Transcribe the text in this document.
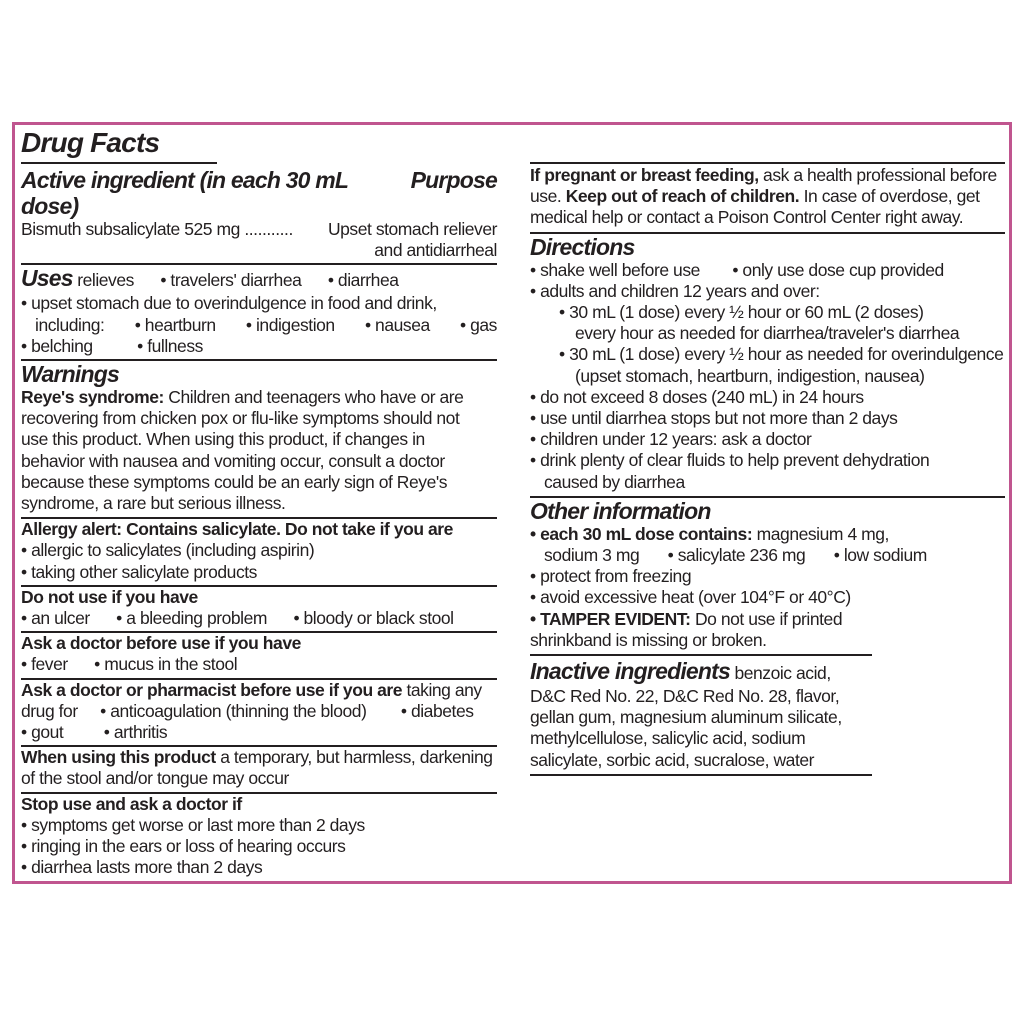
Drug Facts
Active ingredient (in each 30 mL dose)
Purpose
Bismuth subsalicylate 525 mg ........... Upset stomach reliever
and antidiarrheal
Uses relieves • travelers' diarrhea • diarrhea
• upset stomach due to overindulgence in food and drink,
including: • heartburn • indigestion • nausea • gas
• belching	• fullness
Warnings
Reye's syndrome: Children and teenagers who have or are
recovering from chicken pox or flu-like symptoms should not
use this product. When using this product, if changes in
behavior with nausea and vomiting occur, consult a doctor
because these symptoms could be an early sign of Reye's
syndrome, a rare but serious illness.
Allergy alert: Contains salicylate. Do not take if you are
• allergic to salicylates (including aspirin)
• taking other salicylate products
Do not use if you have
• an ulcer • a bleeding problem • bloody or black stool
Ask a doctor before use if you have
• fever • mucus in the stool
Ask a doctor or pharmacist before use if you are taking any
drug for • anticoagulation (thinning the blood) • diabetes
• gout • arthritis
When using this product a temporary, but harmless, darkening
of the stool and/or tongue may occur
Stop use and ask a doctor if
• symptoms get worse or last more than 2 days
• ringing in the ears or loss of hearing occurs
• diarrhea lasts more than 2 days
If pregnant or breast feeding, ask a health professional before
use. Keep out of reach of children. In case of overdose, get
medical help or contact a Poison Control Center right away.
Directions
• shake well before use • only use dose cup provided
• adults and children 12 years and over:
• 30 mL (1 dose) every ½ hour or 60 mL (2 doses)
every hour as needed for diarrhea/traveler's diarrhea
• 30 mL (1 dose) every ½ hour as needed for overindulgence
(upset stomach, heartburn, indigestion, nausea)
• do not exceed 8 doses (240 mL) in 24 hours
• use until diarrhea stops but not more than 2 days
• children under 12 years: ask a doctor
• drink plenty of clear fluids to help prevent dehydration
caused by diarrhea
Other information
• each 30 mL dose contains: magnesium 4 mg,
sodium 3 mg • salicylate 236 mg • low sodium
• protect from freezing
• avoid excessive heat (over 104°F or 40°C)
• TAMPER EVIDENT: Do not use if printed
shrinkband is missing or broken.
Inactive ingredients benzoic acid,
D&C Red No. 22, D&C Red No. 28, flavor,
gellan gum, magnesium aluminum silicate,
methylcellulose, salicylic acid, sodium
salicylate, sorbic acid, sucralose, water
